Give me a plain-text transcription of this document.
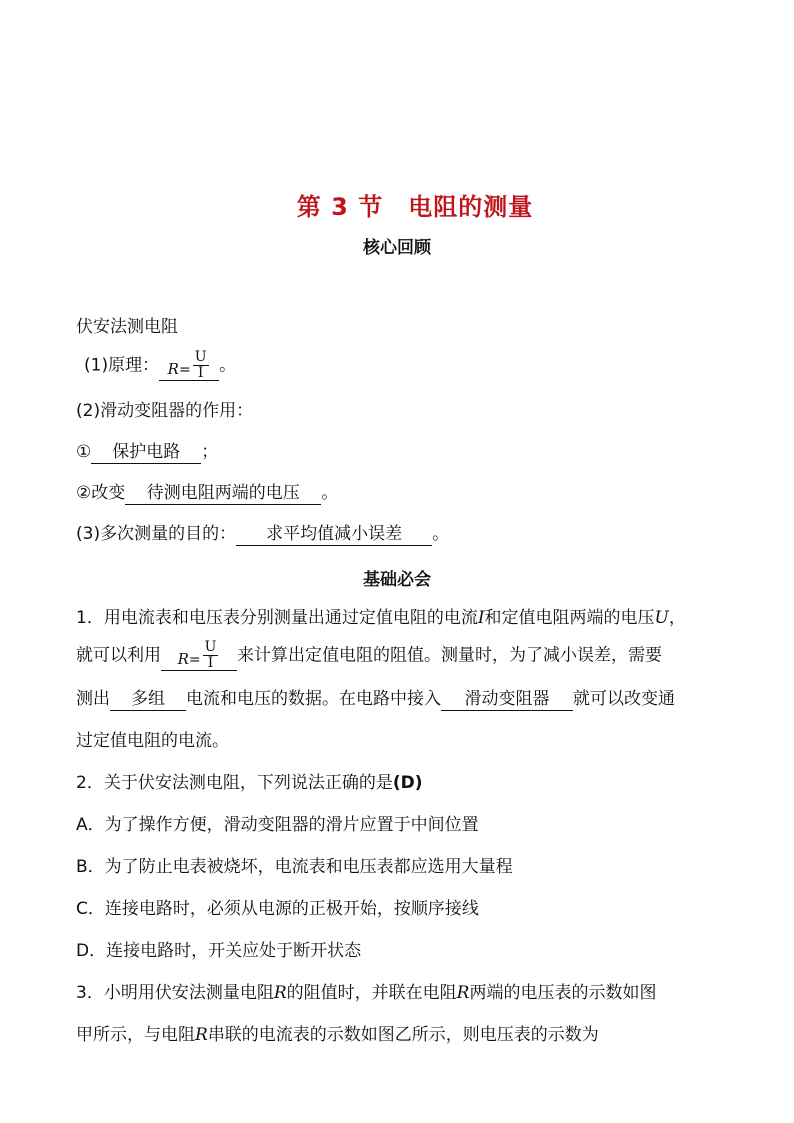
第 3 节　电阻的测量
核心回顾
伏安法测电阻
(1)原理： $R= \frac{U}{I}$ 。
(2)滑动变阻器的作用：
① 保护电路 ；
②改变 待测电阻两端的电压 。
(3)多次测量的目的： 求平均值减小误差 。
基础必会
1．用电流表和电压表分别测量出通过定值电阻的电流I和定值电阻两端的电压U，
就可以利用 $R= \frac{U}{I}$ 来计算出定值电阻的阻值。测量时，为了减小误差，需要
测出 多组 电流和电压的数据。在电路中接入 滑动变阻器 就可以改变通
过定值电阻的电流。
2．关于伏安法测电阻，下列说法正确的是(D)
A．为了操作方便，滑动变阻器的滑片应置于中间位置
B．为了防止电表被烧坏，电流表和电压表都应选用大量程
C．连接电路时，必须从电源的正极开始，按顺序接线
D．连接电路时，开关应处于断开状态
3．小明用伏安法测量电阻R的阻值时，并联在电阻R两端的电压表的示数如图
甲所示，与电阻R串联的电流表的示数如图乙所示，则电压表的示数为
